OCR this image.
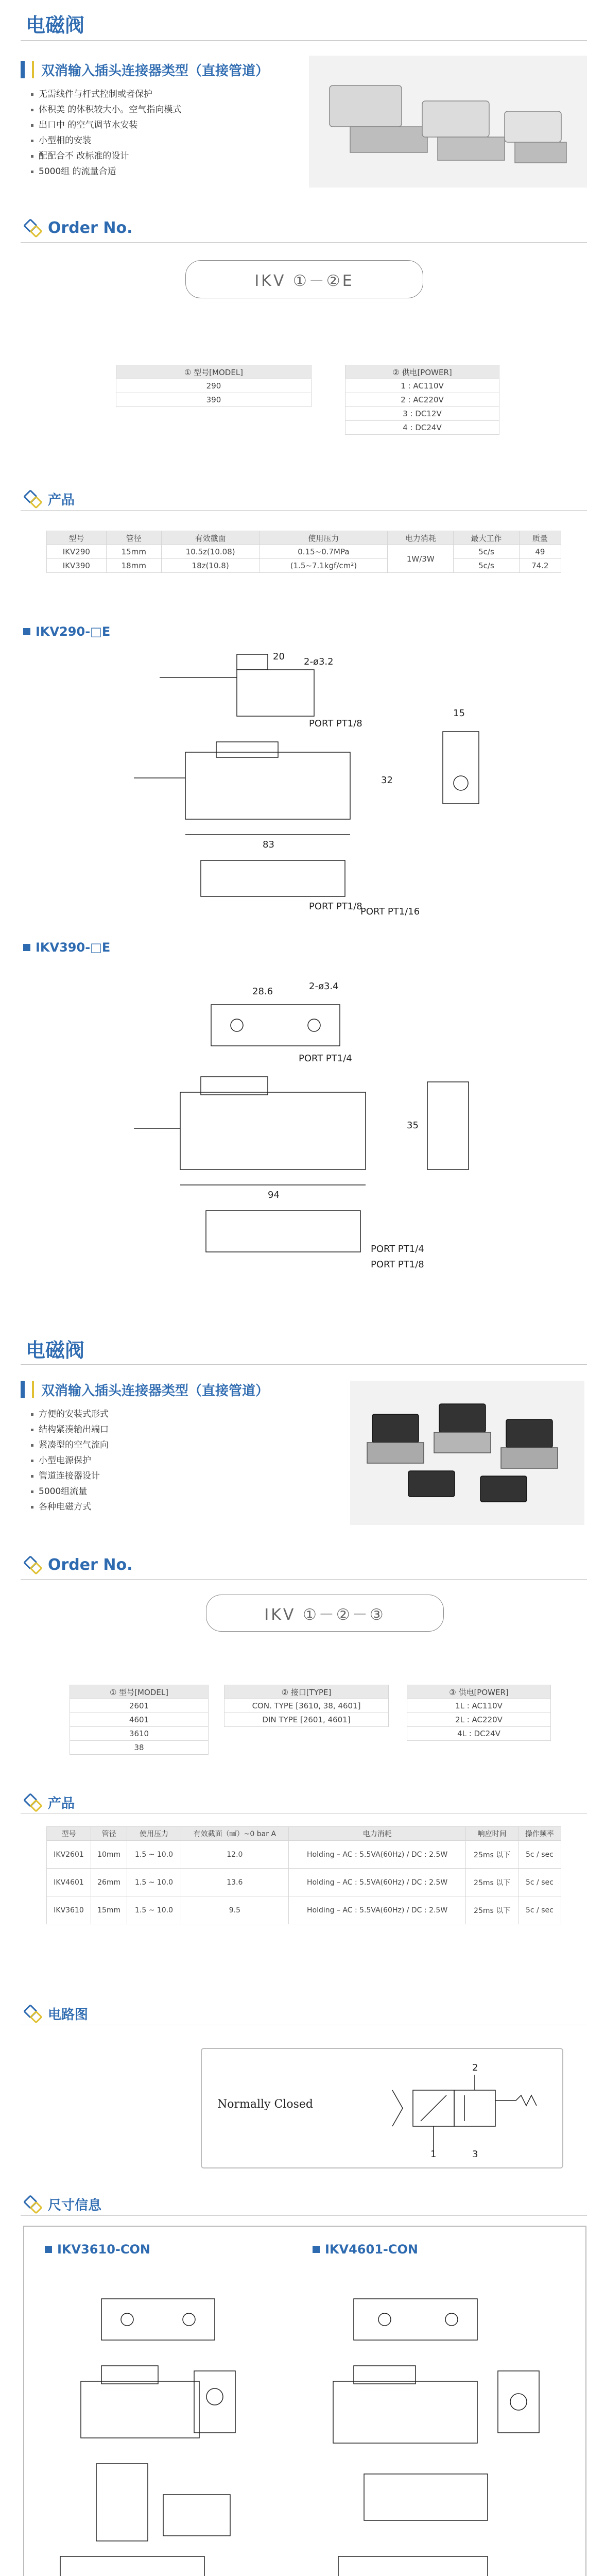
电磁阀
双消输入插头连接器类型（直接管道）
无需线件与杆式控制或者保护
体积美 的体积较大小。空气指向模式
出口中 的空气调节水安装
小型相的安装
配配合不 改标准的设计
5000组 的流量合适
Order No.
IKV ①－②E
① 型号[MODEL]
290
390
② 供电[POWER]
1 : AC110V
2 : AC220V
3 : DC12V
4 : DC24V
产品
型号	管径	有效截面	使用压力	电力消耗	最大工作	质量
IKV290	15mm	10.5z(10.08)	0.15~0.7MPa	1W/3W	5c/s	49
IKV390	18mm	18z(10.8)	(1.5~7.1kgf/cm²)		5c/s	74.2
IKV290-□E
20 2-ø3.2
PORT PT1/8
83
32
15
PORT PT1/8
PORT PT1/16
IKV390-□E
28.6	2-ø3.4
PORT PT1/4
94
35
PORT PT1/4
PORT PT1/8
电磁阀
双消输入插头连接器类型（直接管道）
方便的安装式形式
结构紧凑输出端口
紧凑型的空气流向
小型电源保护
管道连接器设计
5000组流量
各种电磁方式
Order No.
IKV ①－②－③
① 型号[MODEL]
2601
4601
3610
38
② 接口[TYPE]
CON. TYPE [3610, 38, 4601]
DIN TYPE [2601, 4601]
③ 供电[POWER]
1L : AC110V
2L : AC220V
4L : DC24V
产品
型号	管径	使用压力	有效截面（㎟）~0 bar A	电力消耗	响应时间	操作频率
IKV2601	10mm	1.5 ~ 10.0	12.0	Holding – AC : 5.5VA(60Hz) / DC : 2.5W	25ms 以下	5c / sec
IKV4601	26mm	1.5 ~ 10.0	13.6	Holding – AC : 5.5VA(60Hz) / DC : 2.5W	25ms 以下	5c / sec
IKV3610	15mm	1.5 ~ 10.0	9.5	Holding – AC : 5.5VA(60Hz) / DC : 2.5W	25ms 以下	5c / sec
电路图
Normally Closed
2
1	3
尺寸信息
IKV3610-CON	IKV4601-CON
